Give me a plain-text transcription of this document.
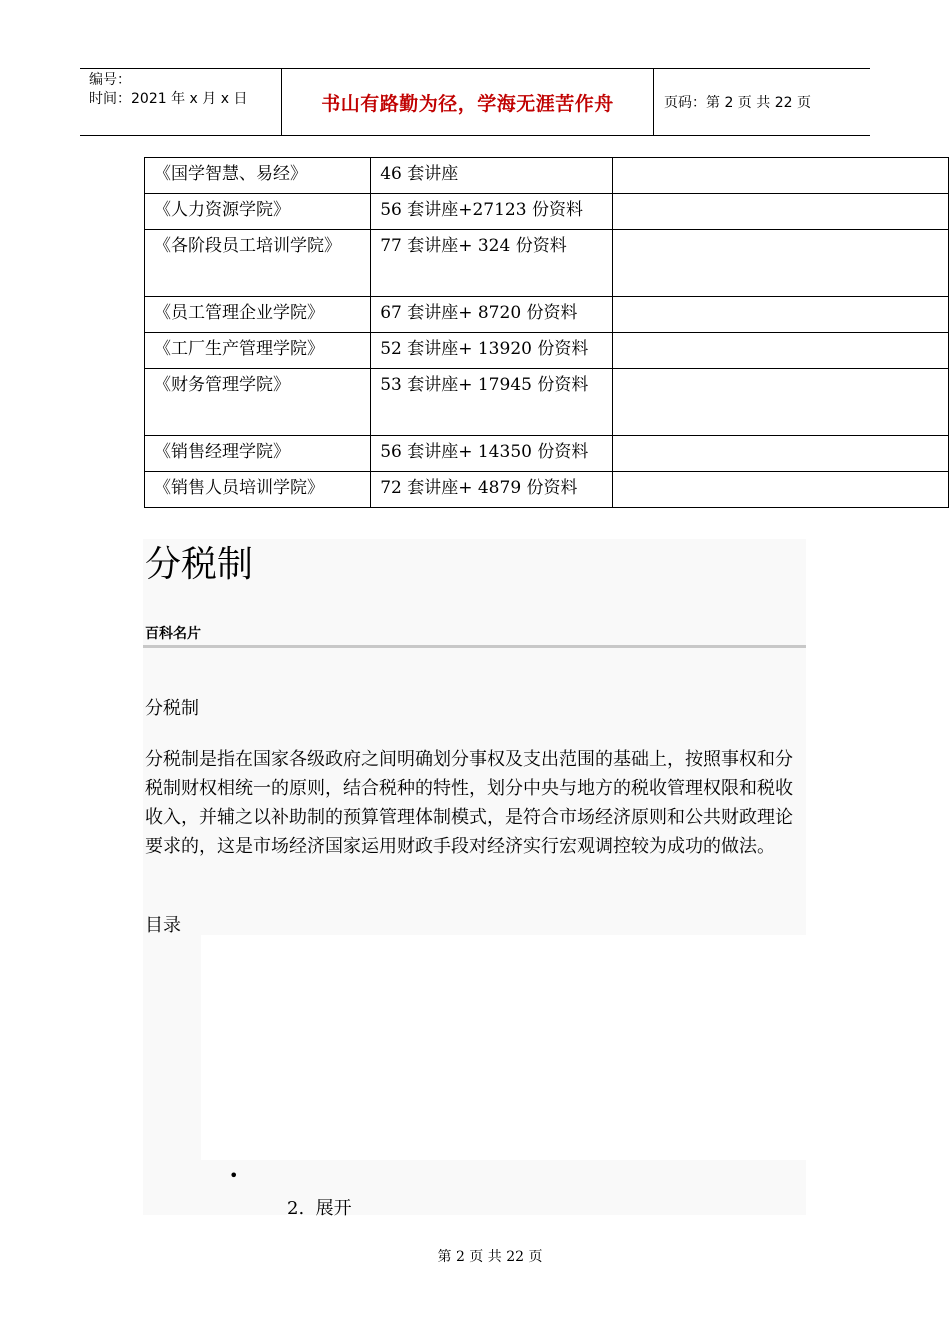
编号：
时间：2021 年 x 月 x 日	书山有路勤为径，学海无涯苦作舟	页码：第 2 页 共 22 页
《国学智慧、易经》	46 套讲座	
《人力资源学院》	56 套讲座+27123 份资料	
《各阶段员工培训学院》	77 套讲座+ 324 份资料	
《员工管理企业学院》	67 套讲座+ 8720 份资料	
《工厂生产管理学院》	52 套讲座+ 13920 份资料	
《财务管理学院》	53 套讲座+ 17945 份资料	
《销售经理学院》	56 套讲座+ 14350 份资料	
《销售人员培训学院》	72 套讲座+ 4879 份资料	
分税制
百科名片
分税制
分税制是指在国家各级政府之间明确划分事权及支出范围的基础上，按照事权和分税制财权相统一的原则，结合税种的特性，划分中央与地方的税收管理权限和税收收入，并辅之以补助制的预算管理体制模式，是符合市场经济原则和公共财政理论要求的，这是市场经济国家运用财政手段对经济实行宏观调控较为成功的做法。
目录
•
2. 展开
第 2 页 共 22 页
